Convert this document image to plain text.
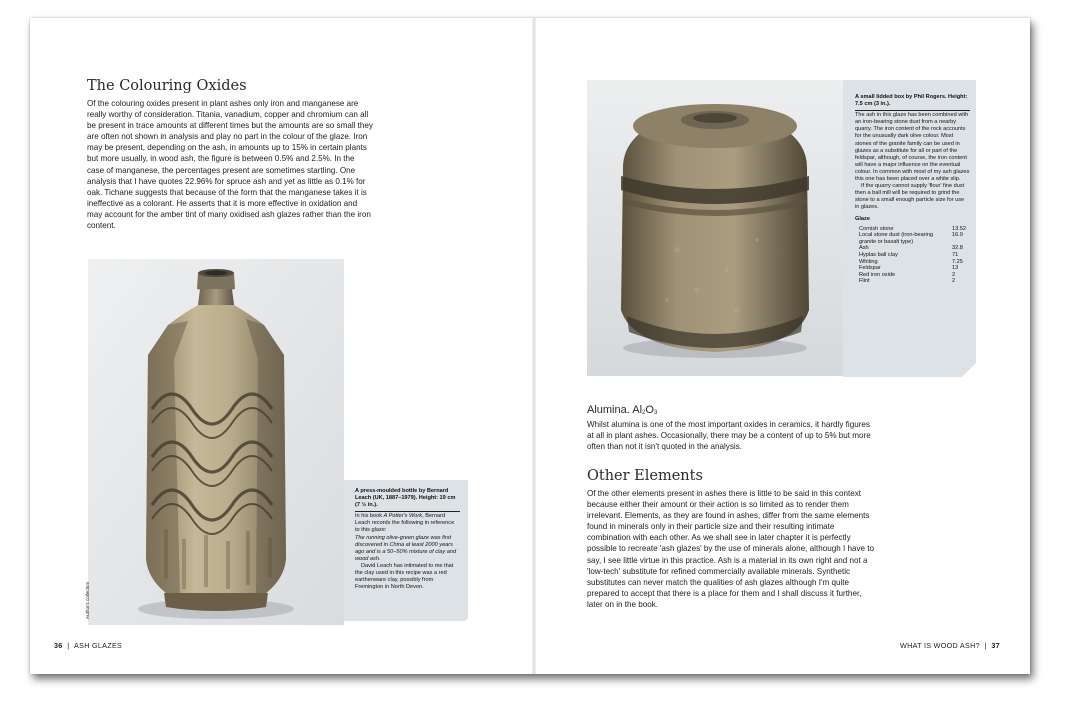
The Colouring Oxides

Of the colouring oxides present in plant ashes only iron and manganese are really worthy of consideration. Titania, vanadium, copper and chromium can all be present in trace amounts at different times but the amounts are so small they are often not shown in analysis and play no part in the colour of the glaze. Iron may be present, depending on the ash, in amounts up to 15% in certain plants but more usually, in wood ash, the figure is between 0.5% and 2.5%. In the case of manganese, the percentages present are sometimes startling. One analysis that I have quotes 22.96% for spruce ash and yet as little as 0.1% for oak. Tichane suggests that because of the form that the manganese takes it is ineffective as a colorant. He asserts that it is more effective in oxidation and may account for the amber tint of many oxidised ash glazes rather than the iron content.

Author's collection
A press-moulded bottle by Bernard Leach (UK, 1887–1979). Height: 19 cm (7 ½ in.).

In his book A Potter's Work, Bernard Leach records the following in reference to this glaze:

The running olive-green glaze was first discovered in China at least 2000 years ago and is a 50–50% mixture of clay and wood ash.

David Leach has intimated to me that the clay used in this recipe was a red earthenware clay, possibly from Fremington in North Devon.

36 | ASH GLAZES
A small lidded box by Phil Rogers. Height: 7.5 cm (3 in.).

The ash in this glaze has been combined with an iron-bearing stone dust from a nearby quarry. The iron content of the rock accounts for the unusually dark olive colour. Most stones of the granite family can be used in glazes as a substitute for all or part of the feldspar, although, of course, the iron content will have a major influence on the eventual colour. In common with most of my ash glazes this one has been placed over a white slip.

If the quarry cannot supply 'flour' fine dust then a ball mill will be required to grind the stone to a small enough particle size for use in glazes.

Glaze
Cornish stone	13.52
Local stone dust (iron-bearing granite or basalt type)	16.9
Ash	32.8
Hyplas ball clay	71
Whiting	7.25
Feldspar	13
Red iron oxide	2
Flint	2
Alumina. Al2O3

Whilst alumina is one of the most important oxides in ceramics, it hardly figures at all in plant ashes. Occasionally, there may be a content of up to 5% but more often than not it isn't quoted in the analysis.

Other Elements

Of the other elements present in ashes there is little to be said in this context because either their amount or their action is so limited as to render them irrelevant. Elements, as they are found in ashes, differ from the same elements found in minerals only in their particle size and their resulting intimate combination with each other. As we shall see in later chapter it is perfectly possible to recreate 'ash glazes' by the use of minerals alone, although I have to say, I see little virtue in this practice. Ash is a material in its own right and not a 'low-tech' substitute for refined commercially available minerals. Synthetic substitutes can never match the qualities of ash glazes although I'm quite prepared to accept that there is a place for them and I shall discuss it further, later on in the book.

WHAT IS WOOD ASH? | 37
